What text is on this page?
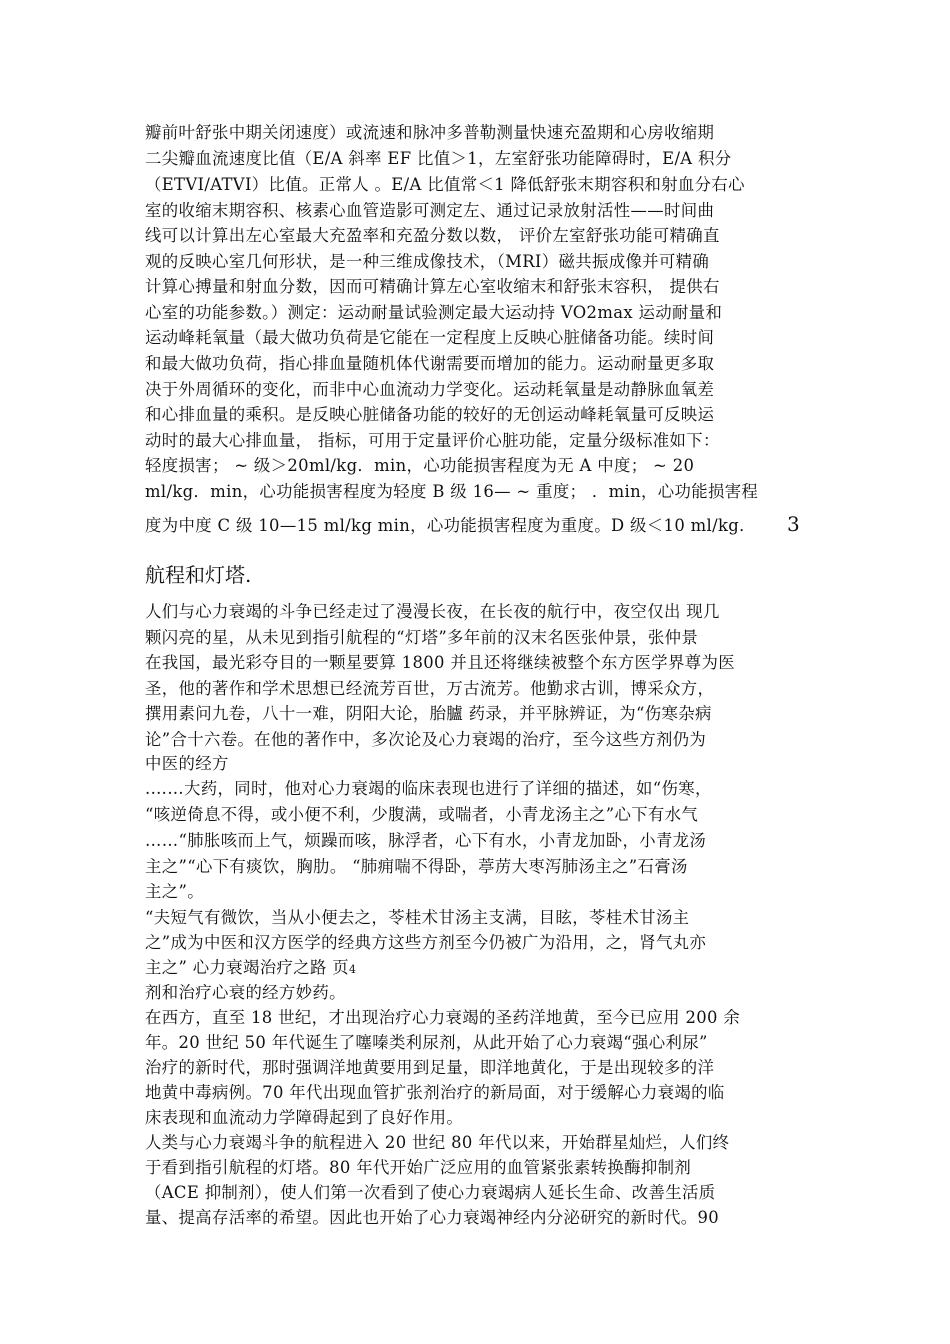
瓣前叶舒张中期关闭速度）或流速和脉冲多普勒测量快速充盈期和心房收缩期
二尖瓣血流速度比值（E/A 斜率 EF 比值＞1，左室舒张功能障碍时，E/A 积分
（ETVI/ATVI）比值。正常人 。E/A 比值常＜1 降低舒张末期容积和射血分右心
室的收缩末期容积、核素心血管造影可测定左、通过记录放射活性——时间曲
线可以计算出左心室最大充盈率和充盈分数以数， 评价左室舒张功能可精确直
观的反映心室几何形状，是一种三维成像技术，（MRI）磁共振成像并可精确
计算心搏量和射血分数，因而可精确计算左心室收缩末和舒张末容积， 提供右
心室的功能参数。）测定：运动耐量试验测定最大运动持 VO2max 运动耐量和
运动峰耗氧量（最大做功负荷是它能在一定程度上反映心脏储备功能。续时间
和最大做功负荷，指心排血量随机体代谢需要而增加的能力。运动耐量更多取
决于外周循环的变化，而非中心血流动力学变化。运动耗氧量是动静脉血氧差
和心排血量的乘积。是反映心脏储备功能的较好的无创运动峰耗氧量可反映运
动时的最大心排血量， 指标，可用于定量评价心脏功能，定量分级标准如下：
轻度损害； ~ 级＞20ml/kg．min，心功能损害程度为无 A 中度； ~ 20
ml/kg．min，心功能损害程度为轻度 B 级 16— ~ 重度； ．min，心功能损害程
度为中度 C 级 10—15 ml/kg min，心功能损害程度为重度。D 级＜10 ml/kg． 3
航程和灯塔.
人们与心力衰竭的斗争已经走过了漫漫长夜，在长夜的航行中，夜空仅出 现几
颗闪亮的星，从未见到指引航程的“灯塔”多年前的汉末名医张仲景，张仲景
在我国，最光彩夺目的一颗星要算 1800 并且还将继续被整个东方医学界尊为医
圣，他的著作和学术思想已经流芳百世，万古流芳。他勤求古训，博采众方，
撰用素问九卷，八十一难，阴阳大论，胎臚 药录，并平脉辨证，为“伤寒杂病
论”合十六卷。在他的著作中，多次论及心力衰竭的治疗，至今这些方剂仍为
中医的经方
.……大药，同时，他对心力衰竭的临床表现也进行了详细的描述，如“伤寒，
“咳逆倚息不得，或小便不利，少腹满，或喘者，小青龙汤主之”心下有水气
……“肺胀咳而上气，烦躁而咳，脉浮者，心下有水，小青龙加卧，小青龙汤
主之”“心下有痰饮，胸肋。 “肺痈喘不得卧，葶苈大枣泻肺汤主之”石膏汤
主之”。
“夫短气有微饮，当从小便去之，苓桂术甘汤主支满，目眩，苓桂术甘汤主
之”成为中医和汉方医学的经典方这些方剂至今仍被广为沿用，之，肾气丸亦
主之” 心力衰竭治疗之路 页4
剂和治疗心衰的经方妙药。
在西方，直至 18 世纪，才出现治疗心力衰竭的圣药洋地黄，至今已应用 200 余
年。20 世纪 50 年代诞生了噻嗪类利尿剂，从此开始了心力衰竭“强心利尿”
治疗的新时代，那时强调洋地黄要用到足量，即洋地黄化，于是出现较多的洋
地黄中毒病例。70 年代出现血管扩张剂治疗的新局面，对于缓解心力衰竭的临
床表现和血流动力学障碍起到了良好作用。
人类与心力衰竭斗争的航程进入 20 世纪 80 年代以来，开始群星灿烂，人们终
于看到指引航程的灯塔。80 年代开始广泛应用的血管紧张素转换酶抑制剂
（ACE 抑制剂），使人们第一次看到了使心力衰竭病人延长生命、改善生活质
量、提高存活率的希望。因此也开始了心力衰竭神经内分泌研究的新时代。90
